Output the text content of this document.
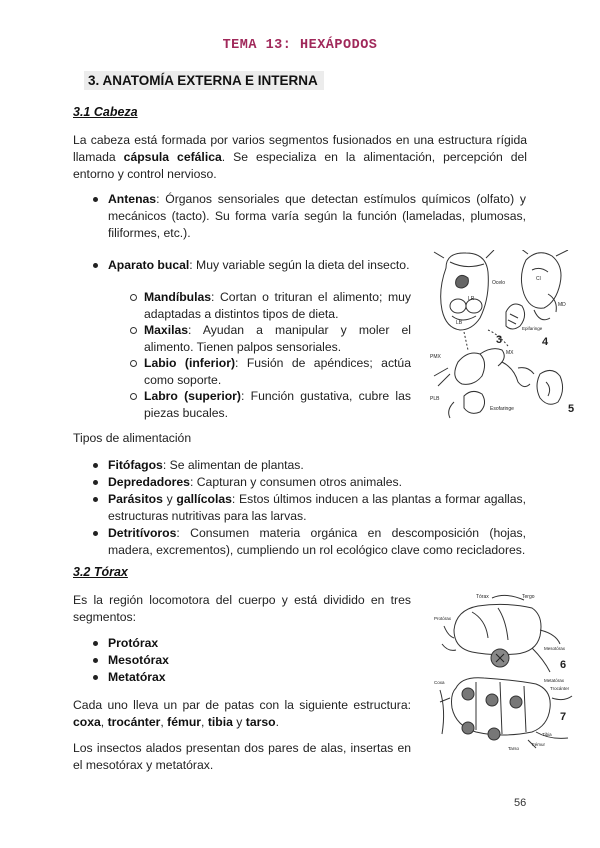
TEMA 13: HEXÁPODOS
3. ANATOMÍA EXTERNA E INTERNA
3.1 Cabeza
La cabeza está formada por varios segmentos fusionados en una estructura rígida llamada cápsula cefálica. Se especializa en la alimentación, percepción del entorno y control nervioso.
Antenas: Órganos sensoriales que detectan estímulos químicos (olfato) y mecánicos (tacto). Su forma varía según la función (lameladas, plumosas, filiformes, etc.).
Aparato bucal: Muy variable según la dieta del insecto.
Mandíbulas: Cortan o trituran el alimento; muy adaptadas a distintos tipos de dieta.
Maxilas: Ayudan a manipular y moler el alimento. Tienen palpos sensoriales.
Labio (inferior): Fusión de apéndices; actúa como soporte.
Labro (superior): Función gustativa, cubre las piezas bucales.
3	4
5
Ocelo
Cl
LR
MD
LB
MX
PMX
PLB
Epifaringe
Esofaringe
Tipos de alimentación
Fitófagos: Se alimentan de plantas.
Depredadores: Capturan y consumen otros animales.
Parásitos y gallícolas: Estos últimos inducen a las plantas a formar agallas, estructuras nutritivas para las larvas.
Detritívoros: Consumen materia orgánica en descomposición (hojas, madera, excrementos), cumpliendo un rol ecológico clave como recicladores.
3.2 Tórax
Es la región locomotora del cuerpo y está dividido en tres segmentos:
Protórax
Mesotórax
Metatórax
Cada uno lleva un par de patas con la siguiente estructura: coxa, trocánter, fémur, tibia y tarso.
Los insectos alados presentan dos pares de alas, insertas en el mesotórax y metatórax.
6
7
Tórax	Tergo
Protórax
Mesotórax
Metatórax
Coxa
Trocánter
Fémur
Tibia
Tarso
56
